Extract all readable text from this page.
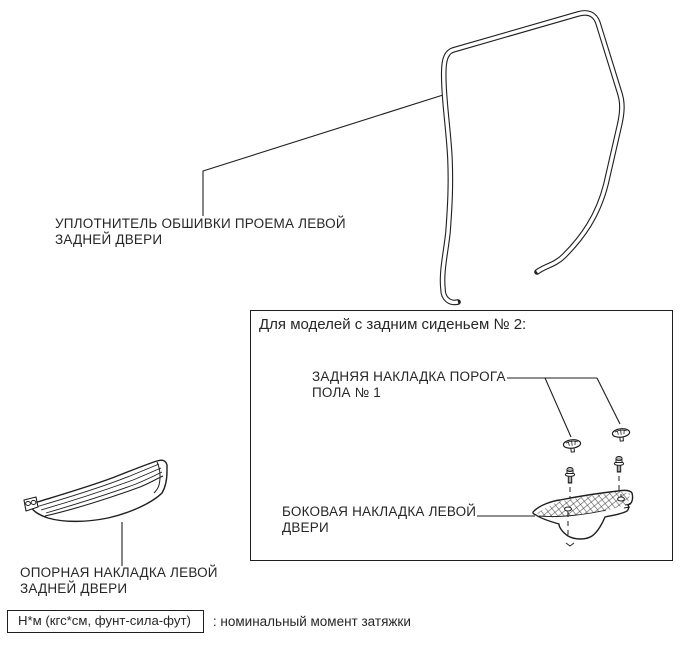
Для моделей с задним сиденьем № 2:
УПЛОТНИТЕЛЬ ОБШИВКИ ПРОЕМА ЛЕВОЙ
ЗАДНЕЙ ДВЕРИ
ЗАДНЯЯ НАКЛАДКА ПОРОГА
ПОЛА № 1
БОКОВАЯ НАКЛАДКА ЛЕВОЙ
ДВЕРИ
ОПОРНАЯ НАКЛАДКА ЛЕВОЙ
ЗАДНЕЙ ДВЕРИ
Н*м (кгс*см, фунт-сила-фут)	: номинальный момент затяжки
